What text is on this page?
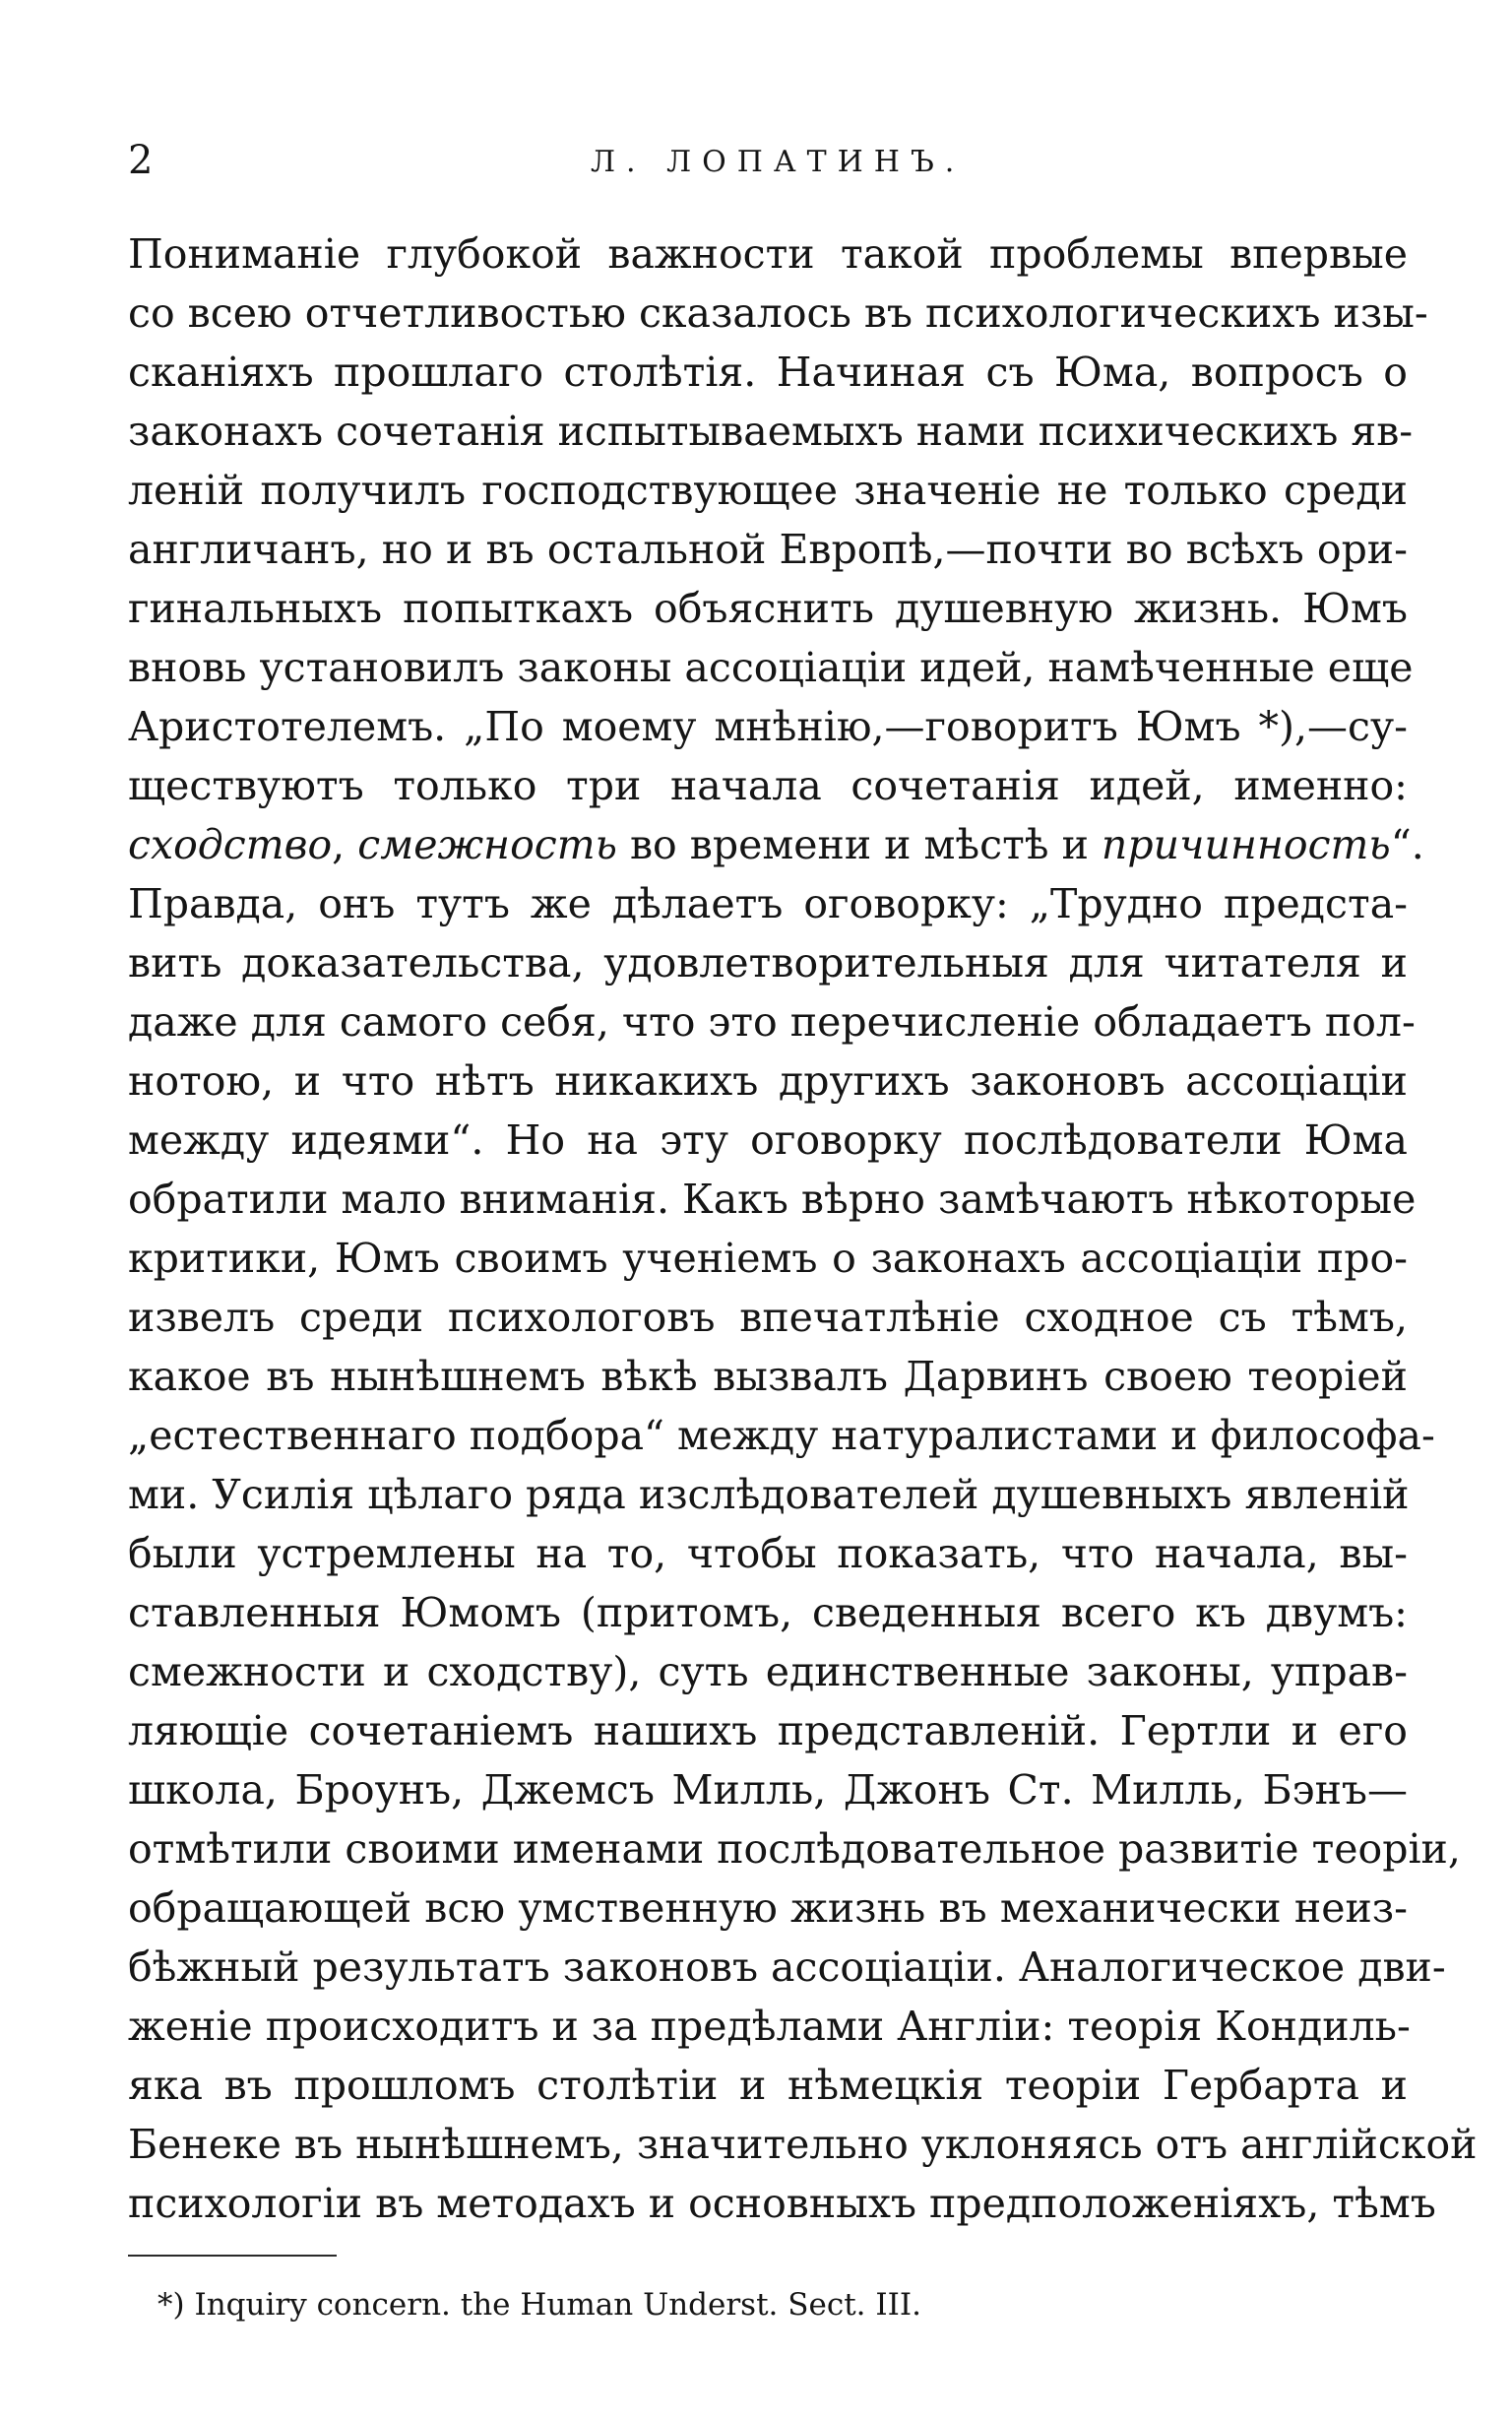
2	Л. ЛОПАТИНЪ.
Пониманіе глубокой важности такой проблемы впервые
со всею отчетливостью сказалось въ психологическихъ изы-
сканіяхъ прошлаго столѣтія. Начиная съ Юма, вопросъ о
законахъ сочетанія испытываемыхъ нами психическихъ яв-
леній получилъ господствующее значеніе не только среди
англичанъ, но и въ остальной Европѣ,—почти во всѣхъ ори-
гинальныхъ попыткахъ объяснить душевную жизнь. Юмъ
вновь установилъ законы ассоціаціи идей, намѣченные еще
Аристотелемъ. „По моему мнѣнію,—говоритъ Юмъ *),—су-
ществуютъ только три начала сочетанія идей, именно:
сходство, смежность во времени и мѣстѣ и причинность“.
Правда, онъ тутъ же дѣлаетъ оговорку: „Трудно предста-
вить доказательства, удовлетворительныя для читателя и
даже для самого себя, что это перечисленіе обладаетъ пол-
нотою, и что нѣтъ никакихъ другихъ законовъ ассоціаціи
между идеями“. Но на эту оговорку послѣдователи Юма
обратили мало вниманія. Какъ вѣрно замѣчаютъ нѣкоторые
критики, Юмъ своимъ ученіемъ о законахъ ассоціаціи про-
извелъ среди психологовъ впечатлѣніе сходное съ тѣмъ,
какое въ нынѣшнемъ вѣкѣ вызвалъ Дарвинъ своею теоріей
„естественнаго подбора“ между натуралистами и философа-
ми. Усилія цѣлаго ряда изслѣдователей душевныхъ явленій
были устремлены на то, чтобы показать, что начала, вы-
ставленныя Юмомъ (притомъ, сведенныя всего къ двумъ:
смежности и сходству), суть единственные законы, управ-
ляющіе сочетаніемъ нашихъ представленій. Гертли и его
школа, Броунъ, Джемсъ Милль, Джонъ Ст. Милль, Бэнъ—
отмѣтили своими именами послѣдовательное развитіе теоріи,
обращающей всю умственную жизнь въ механически неиз-
бѣжный результатъ законовъ ассоціаціи. Аналогическое дви-
женіе происходитъ и за предѣлами Англіи: теорія Кондиль-
яка въ прошломъ столѣтіи и нѣмецкія теоріи Гербарта и
Бенеке въ нынѣшнемъ, значительно уклоняясь отъ англійской
психологіи въ методахъ и основныхъ предположеніяхъ, тѣмъ
*) Inquiry concern. the Human Underst. Sect. III.
